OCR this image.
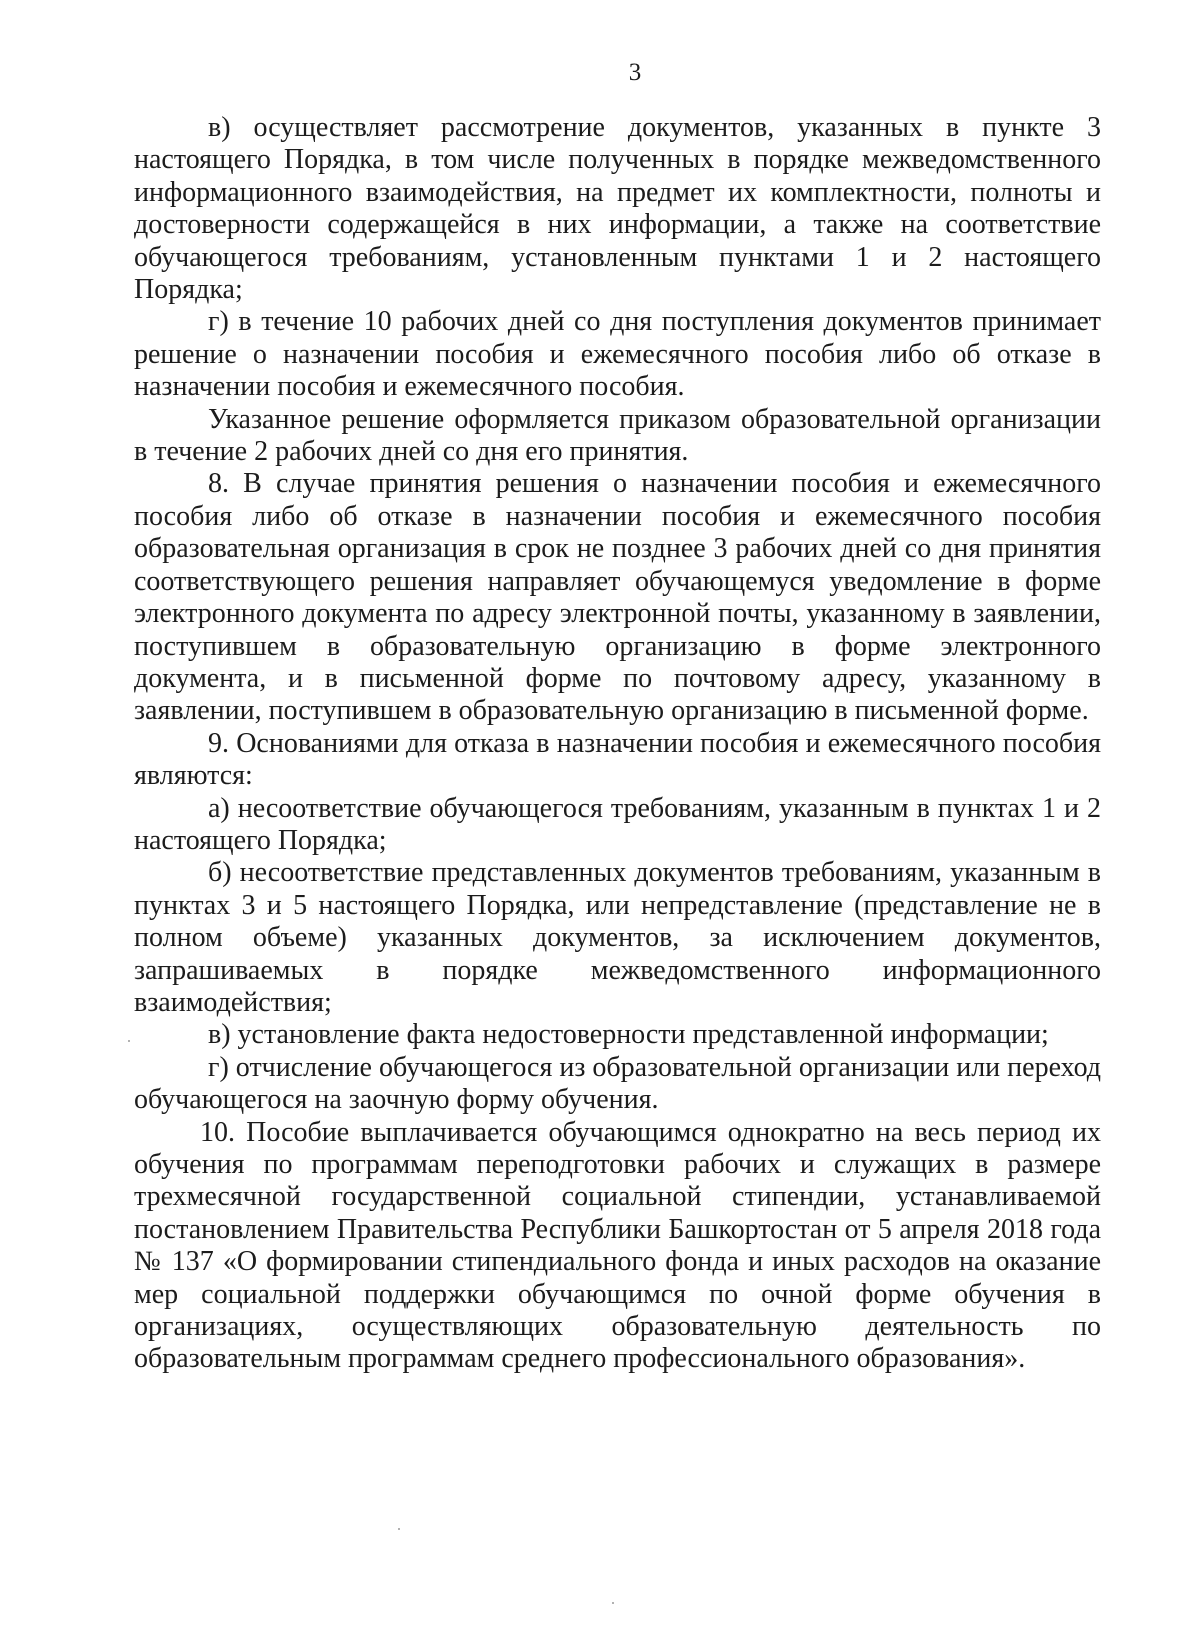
3

в) осуществляет рассмотрение документов, указанных в пункте 3 настоящего Порядка, в том числе полученных в порядке межведомственного информационного взаимодействия, на предмет их комплектности, полноты и достоверности содержащейся в них информации, а также на соответствие обучающегося требованиям, установленным пунктами 1 и 2 настоящего Порядка;

г) в течение 10 рабочих дней со дня поступления документов принимает решение о назначении пособия и ежемесячного пособия либо об отказе в назначении пособия и ежемесячного пособия.

Указанное решение оформляется приказом образовательной организации в течение 2 рабочих дней со дня его принятия.

8. В случае принятия решения о назначении пособия и ежемесячного пособия либо об отказе в назначении пособия и ежемесячного пособия образовательная организация в срок не позднее 3 рабочих дней со дня принятия соответствующего решения направляет обучающемуся уведомление в форме электронного документа по адресу электронной почты, указанному в заявлении, поступившем в образовательную организацию в форме электронного документа, и в письменной форме по почтовому адресу, указанному в заявлении, поступившем в образовательную организацию в письменной форме.

9. Основаниями для отказа в назначении пособия и ежемесячного пособия являются:

а) несоответствие обучающегося требованиям, указанным в пунктах 1 и 2 настоящего Порядка;

б) несоответствие представленных документов требованиям, указанным в пунктах 3 и 5 настоящего Порядка, или непредставление (представление не в полном объеме) указанных документов, за исключением документов, запрашиваемых в порядке межведомственного информационного взаимодействия;

в) установление факта недостоверности представленной информации;

г) отчисление обучающегося из образовательной организации или переход обучающегося на заочную форму обучения.

10. Пособие выплачивается обучающимся однократно на весь период их обучения по программам переподготовки рабочих и служащих в размере трехмесячной государственной социальной стипендии, устанавливаемой постановлением Правительства Республики Башкортостан от 5 апреля 2018 года № 137 «О формировании стипендиального фонда и иных расходов на оказание мер социальной поддержки обучающимся по очной форме обучения в организациях, осуществляющих образовательную деятельность по образовательным программам среднего профессионального образования».
